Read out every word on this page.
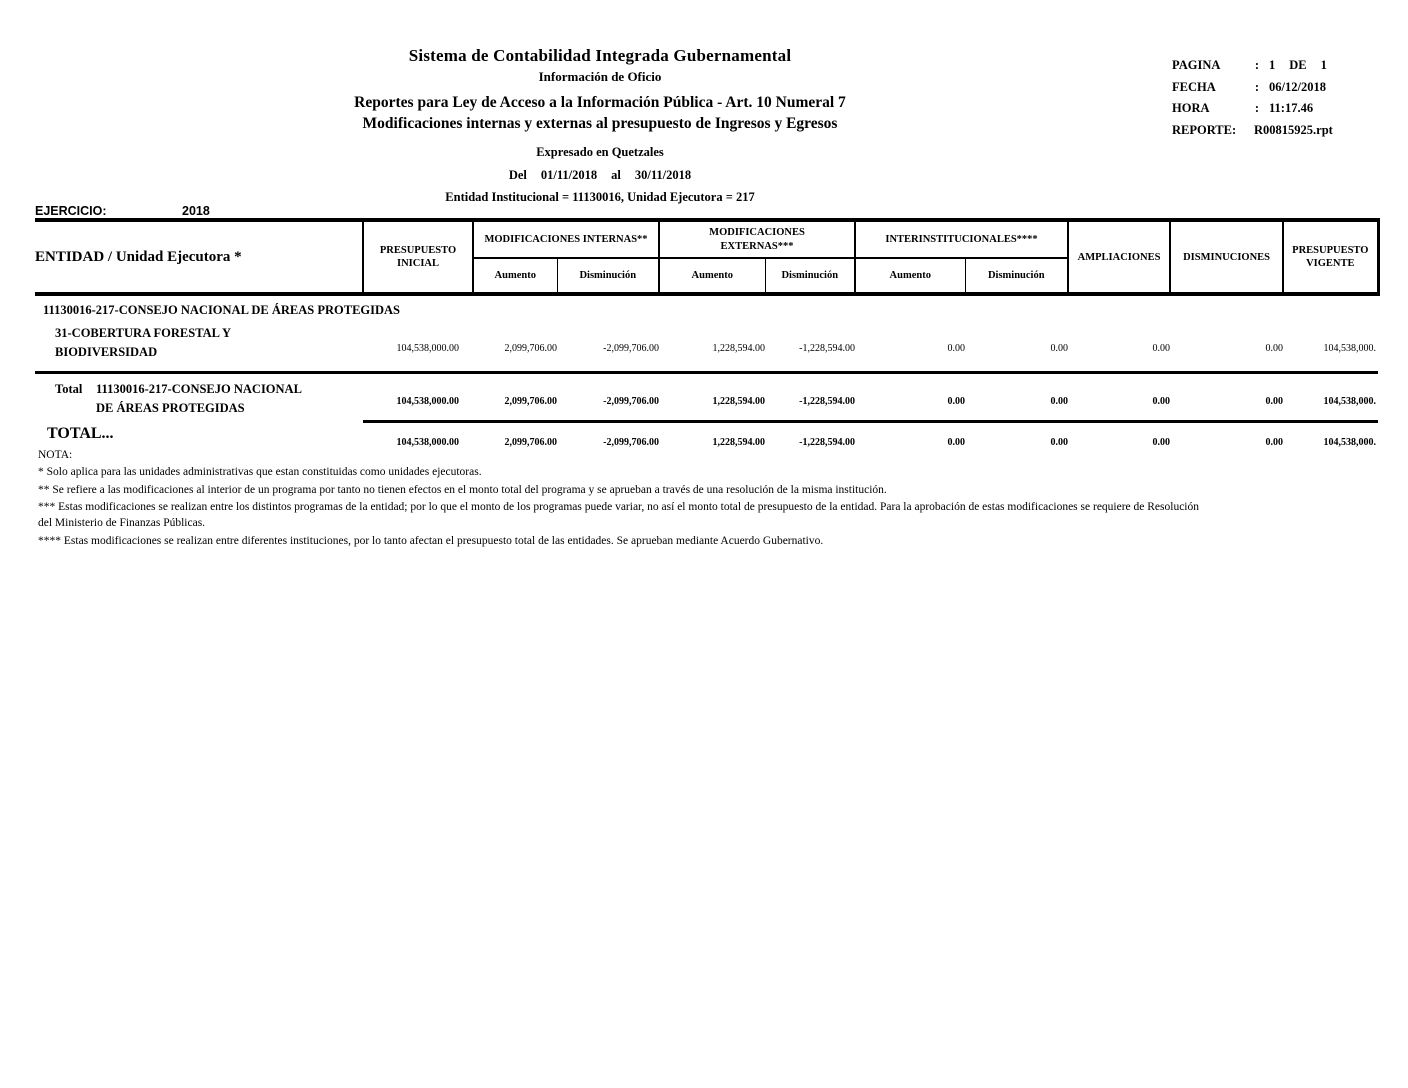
Sistema de Contabilidad Integrada Gubernamental
Información de Oficio
Reportes para Ley de Acceso a la Información Pública - Art. 10 Numeral 7
Modificaciones internas y externas al presupuesto de Ingresos y Egresos
Expresado en Quetzales
Del 01/11/2018 al 30/11/2018
Entidad Institucional = 11130016, Unidad Ejecutora = 217
PAGINA	: 1 DE 1
FECHA	: 06/12/2018
HORA	: 11:17.46
REPORTE:	R00815925.rpt
EJERCICIO:	2018
ENTIDAD / Unidad Ejecutora *	PRESUPUESTO INICIAL	MODIFICACIONES INTERNAS**		MODIFICACIONES EXTERNAS***		INTERINSTITUCIONALES****		AMPLIACIONES	DISMINUCIONES	PRESUPUESTO VIGENTE
		Aumento	Disminución	Aumento	Disminución	Aumento	Disminución			
11130016-217-CONSEJO NACIONAL DE ÁREAS PROTEGIDAS										
31-COBERTURA FORESTAL Y BIODIVERSIDAD	104,538,000.00	2,099,706.00	-2,099,706.00	1,228,594.00	-1,228,594.00	0.00	0.00	0.00	0.00	104,538,000.

Total 11130016-217-CONSEJO NACIONAL DE ÁREAS PROTEGIDAS	104,538,000.00	2,099,706.00	-2,099,706.00	1,228,594.00	-1,228,594.00	0.00	0.00	0.00	0.00	104,538,000.
TOTAL...	104,538,000.00	2,099,706.00	-2,099,706.00	1,228,594.00	-1,228,594.00	0.00	0.00	0.00	0.00	104,538,000.
NOTA:
* Solo aplica para las unidades administrativas que estan constituidas como unidades ejecutoras.
** Se refiere a las modificaciones al interior de un programa por tanto no tienen efectos en el monto total del programa y se aprueban a través de una resolución de la misma institución.
*** Estas modificaciones se realizan entre los distintos programas de la entidad; por lo que el monto de los programas puede variar, no así el monto total de presupuesto de la entidad. Para la aprobación de estas modificaciones se requiere de Resolución del Ministerio de Finanzas Públicas.
**** Estas modificaciones se realizan entre diferentes instituciones, por lo tanto afectan el presupuesto total de las entidades. Se aprueban mediante Acuerdo Gubernativo.
